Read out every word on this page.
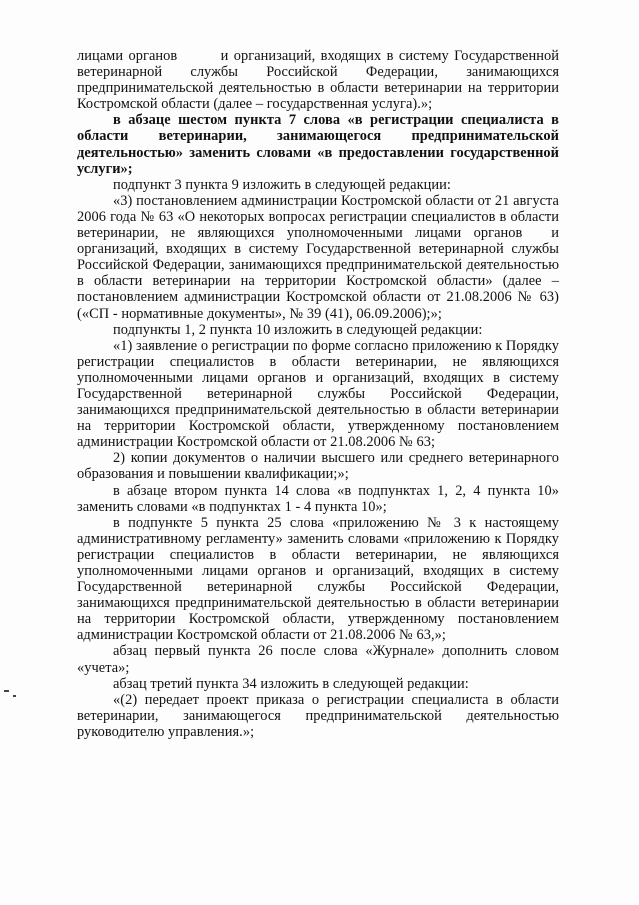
лицами органов   и организаций, входящих в систему Государственной ветеринарной службы Российской Федерации, занимающихся предпринимательской деятельностью в области ветеринарии на территории Костромской области (далее – государственная услуга).»;

в абзаце шестом пункта 7 слова «в регистрации специалиста в области ветеринарии, занимающегося предпринимательской деятельностью» заменить словами «в предоставлении государственной услуги»;

подпункт 3 пункта 9 изложить в следующей редакции:

«3) постановлением администрации Костромской области от 21 августа 2006 года № 63 «О некоторых вопросах регистрации специалистов в области ветеринарии, не являющихся уполномоченными лицами органов  и организаций, входящих в систему Государственной ветеринарной службы Российской Федерации, занимающихся предпринимательской деятельностью в области ветеринарии на территории Костромской области» (далее – постановлением администрации Костромской области от 21.08.2006 № 63) («СП - нормативные документы», № 39 (41), 06.09.2006);»;

подпункты 1, 2 пункта 10 изложить в следующей редакции:

«1) заявление о регистрации по форме согласно приложению к Порядку регистрации специалистов в области ветеринарии, не являющихся уполномоченными лицами органов и организаций, входящих в систему Государственной ветеринарной службы Российской Федерации, занимающихся предпринимательской деятельностью в области ветеринарии на территории Костромской области, утвержденному постановлением администрации Костромской области от 21.08.2006 № 63;

2) копии документов о наличии высшего или среднего ветеринарного образования и повышении квалификации;»;

в абзаце втором пункта 14 слова «в подпунктах 1, 2, 4 пункта 10» заменить словами «в подпунктах 1 - 4 пункта 10»;

в подпункте 5 пункта 25 слова «приложению № 3 к настоящему административному регламенту» заменить словами «приложению к Порядку регистрации специалистов в области ветеринарии, не являющихся уполномоченными лицами органов и организаций, входящих в систему Государственной ветеринарной службы Российской Федерации, занимающихся предпринимательской деятельностью в области ветеринарии на территории Костромской области, утвержденному постановлением администрации Костромской области от 21.08.2006 № 63,»;

абзац первый пункта 26 после слова «Журнале» дополнить словом «учета»;

абзац третий пункта 34 изложить в следующей редакции:

«(2) передает проект приказа о регистрации специалиста в области ветеринарии, занимающегося предпринимательской деятельностью руководителю управления.»;
